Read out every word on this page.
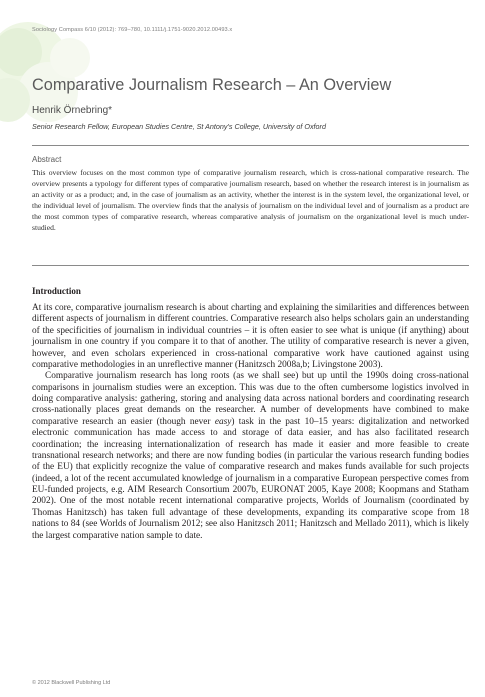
Sociology Compass 6/10 (2012): 769–780, 10.1111/j.1751-9020.2012.00493.x
Comparative Journalism Research – An Overview
Henrik Örnebring*
Senior Research Fellow, European Studies Centre, St Antony's College, University of Oxford
Abstract

This overview focuses on the most common type of comparative journalism research, which is cross-national comparative research. The overview presents a typology for different types of comparative journalism research, based on whether the research interest is in journalism as an activity or as a product; and, in the case of journalism as an activity, whether the interest is in the system level, the organizational level, or the individual level of journalism. The overview finds that the analysis of journalism on the individual level and of journalism as a product are the most common types of comparative research, whereas comparative analysis of journalism on the organizational level is much under-studied.

Introduction

At its core, comparative journalism research is about charting and explaining the similarities and differences between different aspects of journalism in different countries. Comparative research also helps scholars gain an understanding of the specificities of journalism in individual countries – it is often easier to see what is unique (if anything) about journalism in one country if you compare it to that of another. The utility of comparative research is never a given, however, and even scholars experienced in cross-national comparative work have cautioned against using comparative methodologies in an unreflective manner (Hanitzsch 2008a,b; Livingstone 2003).

Comparative journalism research has long roots (as we shall see) but up until the 1990s doing cross-national comparisons in journalism studies were an exception. This was due to the often cumbersome logistics involved in doing comparative analysis: gathering, storing and analysing data across national borders and coordinating research cross-nationally places great demands on the researcher. A number of developments have combined to make comparative research an easier (though never easy) task in the past 10–15 years: digitalization and networked electronic communication has made access to and storage of data easier, and has also facilitated research coordination; the increasing internationalization of research has made it easier and more feasible to create transnational research networks; and there are now funding bodies (in particular the various research funding bodies of the EU) that explicitly recognize the value of comparative research and makes funds available for such projects (indeed, a lot of the recent accumulated knowledge of journalism in a comparative European perspective comes from EU-funded projects, e.g. AIM Research Consortium 2007b, EURONAT 2005, Kaye 2008; Koopmans and Statham 2002). One of the most notable recent international comparative projects, Worlds of Journalism (coordinated by Thomas Hanitzsch) has taken full advantage of these developments, expanding its comparative scope from 18 nations to 84 (see Worlds of Journalism 2012; see also Hanitzsch 2011; Hanitzsch and Mellado 2011), which is likely the largest comparative nation sample to date.

© 2012 Blackwell Publishing Ltd
